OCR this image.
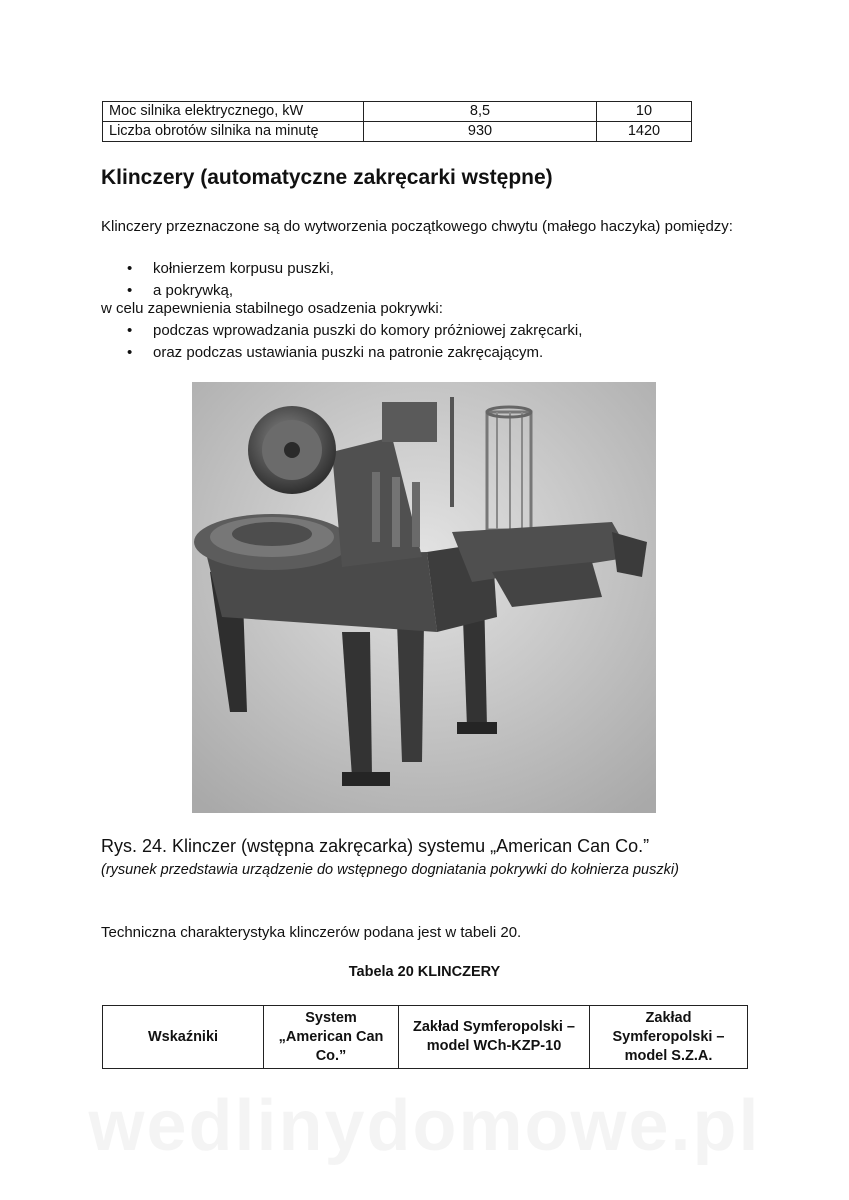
Moc silnika elektrycznego, kW	8,5	10
Liczba obrotów silnika na minutę	930	1420
Klinczery (automatyczne zakręcarki wstępne)

Klinczery przeznaczone są do wytworzenia początkowego chwytu (małego haczyka) pomiędzy:

• kołnierzem korpusu puszki,
• a pokrywką,

w celu zapewnienia stabilnego osadzenia pokrywki:

• podczas wprowadzania puszki do komory próżniowej zakręcarki,
• oraz podczas ustawiania puszki na patronie zakręcającym.

Rys. 24. Klinczer (wstępna zakręcarka) systemu „American Can Co.”

(rysunek przedstawia urządzenie do wstępnego dogniatania pokrywki do kołnierza puszki)

Techniczna charakterystyka klinczerów podana jest w tabeli 20.

Tabela 20 KLINCZERY

Wskaźniki	System „American Can Co.”	Zakład Symferopolski – model WCh-KZP-10	Zakład Symferopolski – model S.Z.A.
